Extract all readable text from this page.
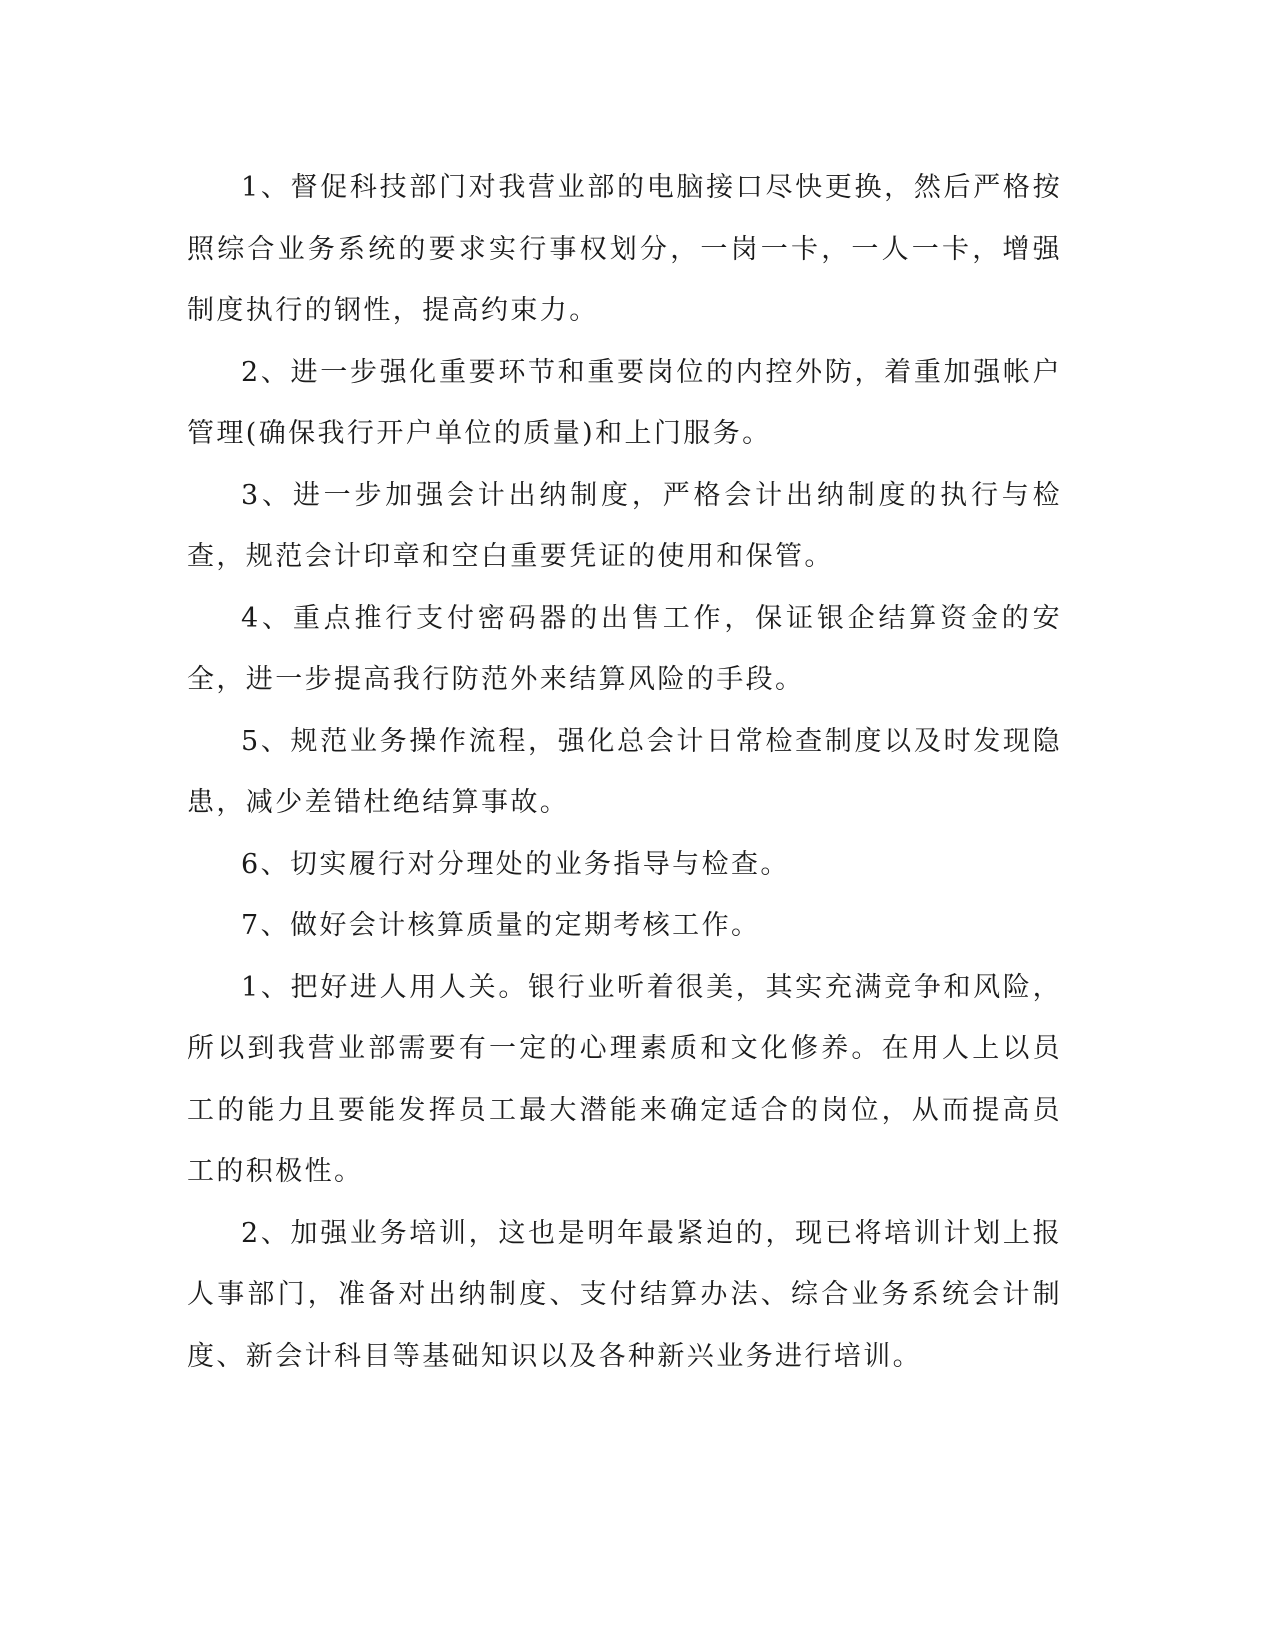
1、督促科技部门对我营业部的电脑接口尽快更换，然后严格按照综合业务系统的要求实行事权划分，一岗一卡，一人一卡，增强制度执行的钢性，提高约束力。

2、进一步强化重要环节和重要岗位的内控外防，着重加强帐户管理(确保我行开户单位的质量)和上门服务。

3、进一步加强会计出纳制度，严格会计出纳制度的执行与检查，规范会计印章和空白重要凭证的使用和保管。

4、重点推行支付密码器的出售工作，保证银企结算资金的安全，进一步提高我行防范外来结算风险的手段。

5、规范业务操作流程，强化总会计日常检查制度以及时发现隐患，减少差错杜绝结算事故。

6、切实履行对分理处的业务指导与检查。

7、做好会计核算质量的定期考核工作。

1、把好进人用人关。银行业听着很美，其实充满竞争和风险，所以到我营业部需要有一定的心理素质和文化修养。在用人上以员工的能力且要能发挥员工最大潜能来确定适合的岗位，从而提高员工的积极性。

2、加强业务培训，这也是明年最紧迫的，现已将培训计划上报人事部门，准备对出纳制度、支付结算办法、综合业务系统会计制度、新会计科目等基础知识以及各种新兴业务进行培训。
